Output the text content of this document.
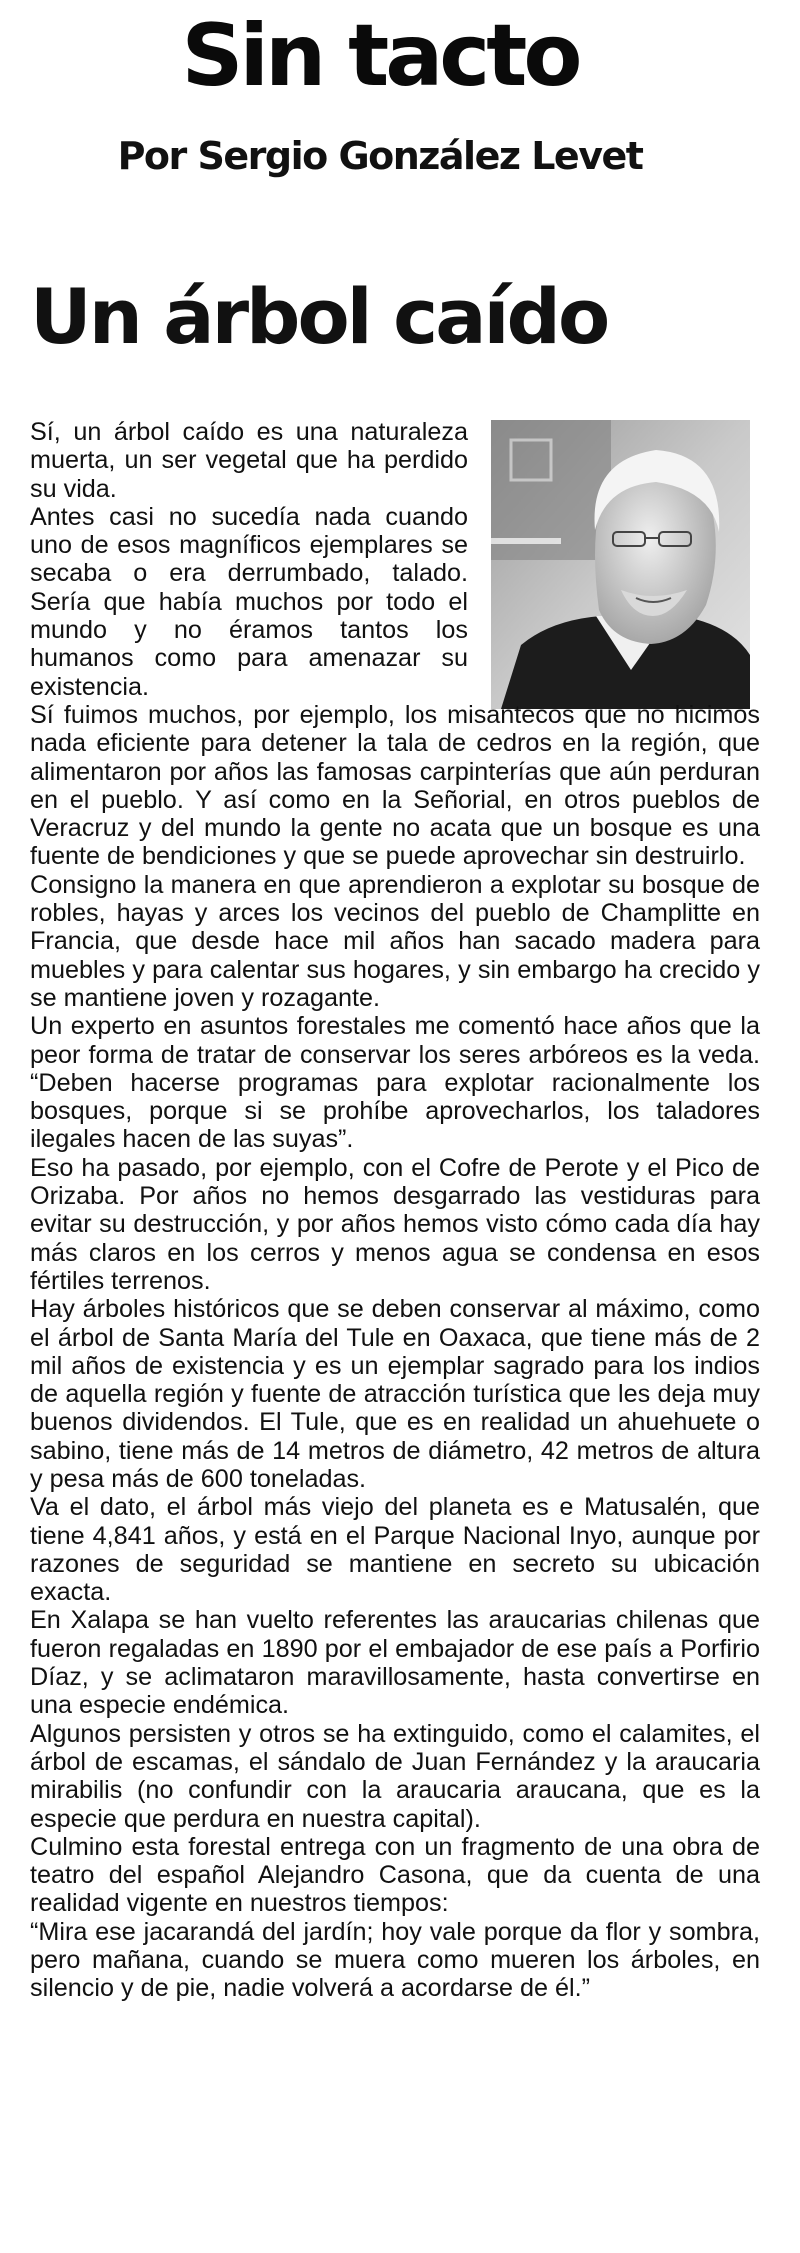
Sin tacto
Por Sergio González Levet
Un árbol caído

Sí, un árbol caído es una naturaleza muerta, un ser vegetal que ha perdido su vida.

Antes casi no sucedía nada cuando uno de esos magníficos ejemplares se secaba o era derrumbado, talado. Sería que había muchos por todo el mundo y no éramos tantos los humanos como para amenazar su existencia.

Sí fuimos muchos, por ejemplo, los misantecos que no hicimos nada eficiente para detener la tala de cedros en la región, que alimentaron por años las famosas carpinterías que aún perduran en el pueblo. Y así como en la Señorial, en otros pueblos de Veracruz y del mundo la gente no acata que un bosque es una fuente de bendiciones y que se puede aprovechar sin destruirlo.

Consigno la manera en que aprendieron a explotar su bosque de robles, hayas y arces los vecinos del pueblo de Champlitte en Francia, que desde hace mil años han sacado madera para muebles y para calentar sus hogares, y sin embargo ha crecido y se mantiene joven y rozagante.

Un experto en asuntos forestales me comentó hace años que la peor forma de tratar de conservar los seres arbóreos es la veda. “Deben hacerse programas para explotar racionalmente los bosques, porque si se prohíbe aprovecharlos, los taladores ilegales hacen de las suyas”.

Eso ha pasado, por ejemplo, con el Cofre de Perote y el Pico de Orizaba. Por años no hemos desgarrado las vestiduras para evitar su destrucción, y por años hemos visto cómo cada día hay más claros en los cerros y menos agua se condensa en esos fértiles terrenos.

Hay árboles históricos que se deben conservar al máximo, como el árbol de Santa María del Tule en Oaxaca, que tiene más de 2 mil años de existencia y es un ejemplar sagrado para los indios de aquella región y fuente de atracción turística que les deja muy buenos dividendos. El Tule, que es en realidad un ahuehuete o sabino, tiene más de 14 metros de diámetro, 42 metros de altura y pesa más de 600 toneladas.

Va el dato, el árbol más viejo del planeta es e Matusalén, que tiene 4,841 años, y está en el Parque Nacional Inyo, aunque por razones de seguridad se mantiene en secreto su ubicación exacta.

En Xalapa se han vuelto referentes las araucarias chilenas que fueron regaladas en 1890 por el embajador de ese país a Porfirio Díaz, y se aclimataron maravillosamente, hasta convertirse en una especie endémica.

Algunos persisten y otros se ha extinguido, como el calamites, el árbol de escamas, el sándalo de Juan Fernández y la araucaria mirabilis (no confundir con la araucaria araucana, que es la especie que perdura en nuestra capital).

Culmino esta forestal entrega con un fragmento de una obra de teatro del español Alejandro Casona, que da cuenta de una realidad vigente en nuestros tiempos:

“Mira ese jacarandá del jardín; hoy vale porque da flor y sombra, pero mañana, cuando se muera como mueren los árboles, en silencio y de pie, nadie volverá a acordarse de él.”
